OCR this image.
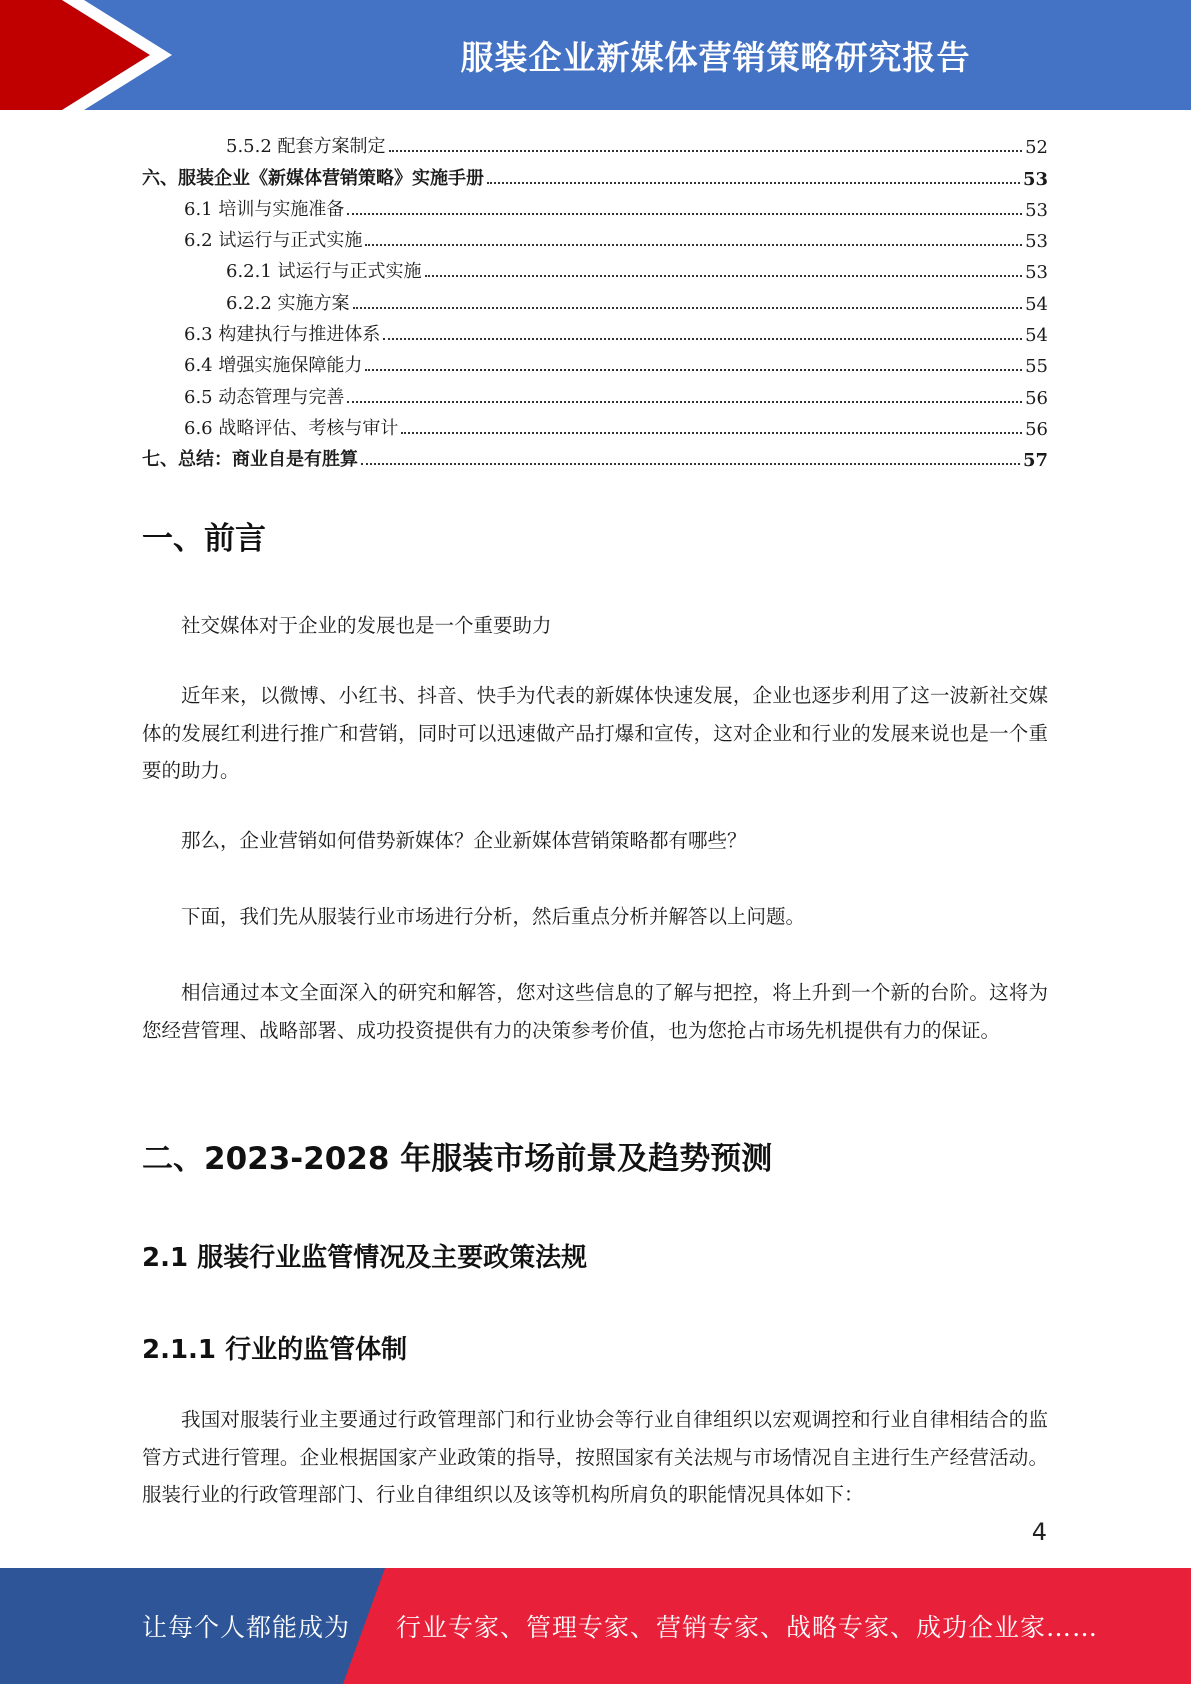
服装企业新媒体营销策略研究报告
5.5.2 配套方案制定	52
六、服装企业《新媒体营销策略》实施手册	53
6.1 培训与实施准备	53
6.2 试运行与正式实施	53
6.2.1 试运行与正式实施	53
6.2.2 实施方案	54
6.3 构建执行与推进体系	54
6.4 增强实施保障能力	55
6.5 动态管理与完善	56
6.6 战略评估、考核与审计	56
七、总结：商业自是有胜算	57
一、前言

社交媒体对于企业的发展也是一个重要助力

近年来，以微博、小红书、抖音、快手为代表的新媒体快速发展，企业也逐步利用了这一波新社交媒体的发展红利进行推广和营销，同时可以迅速做产品打爆和宣传，这对企业和行业的发展来说也是一个重要的助力。

那么，企业营销如何借势新媒体？企业新媒体营销策略都有哪些？

下面，我们先从服装行业市场进行分析，然后重点分析并解答以上问题。

相信通过本文全面深入的研究和解答，您对这些信息的了解与把控，将上升到一个新的台阶。这将为您经营管理、战略部署、成功投资提供有力的决策参考价值，也为您抢占市场先机提供有力的保证。

二、2023-2028 年服装市场前景及趋势预测
2.1 服装行业监管情况及主要政策法规
2.1.1 行业的监管体制

我国对服装行业主要通过行政管理部门和行业协会等行业自律组织以宏观调控和行业自律相结合的监管方式进行管理。企业根据国家产业政策的指导，按照国家有关法规与市场情况自主进行生产经营活动。服装行业的行政管理部门、行业自律组织以及该等机构所肩负的职能情况具体如下：

4
让每个人都能成为 行业专家、管理专家、营销专家、战略专家、成功企业家……
